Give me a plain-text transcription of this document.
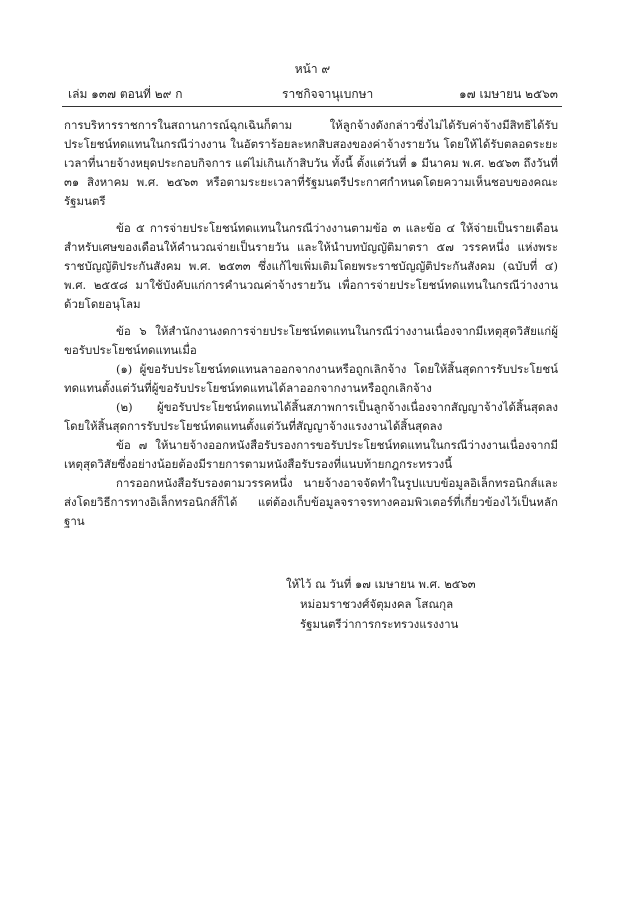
หน้า ๙
เล่ม ๑๓๗ ตอนที่ ๒๙ ก	ราชกิจจานุเบกษา	๑๗ เมษายน ๒๕๖๓

การบริหารราชการในสถานการณ์ฉุกเฉินก็ตาม ให้ลูกจ้างดังกล่าวซึ่งไม่ได้รับค่าจ้างมีสิทธิได้รับประโยชน์ทดแทนในกรณีว่างงาน ในอัตราร้อยละหกสิบสองของค่าจ้างรายวัน โดยให้ได้รับตลอดระยะเวลาที่นายจ้างหยุดประกอบกิจการ แต่ไม่เกินเก้าสิบวัน ทั้งนี้ ตั้งแต่วันที่ ๑ มีนาคม พ.ศ. ๒๕๖๓ ถึงวันที่ ๓๑ สิงหาคม พ.ศ. ๒๕๖๓ หรือตามระยะเวลาที่รัฐมนตรีประกาศกำหนดโดยความเห็นชอบของคณะรัฐมนตรี

ข้อ ๕ การจ่ายประโยชน์ทดแทนในกรณีว่างงานตามข้อ ๓ และข้อ ๔ ให้จ่ายเป็นรายเดือน สำหรับเศษของเดือนให้คำนวณจ่ายเป็นรายวัน และให้นำบทบัญญัติมาตรา ๕๗ วรรคหนึ่ง แห่งพระราชบัญญัติประกันสังคม พ.ศ. ๒๕๓๓ ซึ่งแก้ไขเพิ่มเติมโดยพระราชบัญญัติประกันสังคม (ฉบับที่ ๔) พ.ศ. ๒๕๕๘ มาใช้บังคับแก่การคำนวณค่าจ้างรายวัน เพื่อการจ่ายประโยชน์ทดแทนในกรณีว่างงานด้วยโดยอนุโลม

ข้อ ๖ ให้สำนักงานงดการจ่ายประโยชน์ทดแทนในกรณีว่างงานเนื่องจากมีเหตุสุดวิสัยแก่ผู้ขอรับประโยชน์ทดแทนเมื่อ

(๑) ผู้ขอรับประโยชน์ทดแทนลาออกจากงานหรือถูกเลิกจ้าง โดยให้สิ้นสุดการรับประโยชน์ทดแทนตั้งแต่วันที่ผู้ขอรับประโยชน์ทดแทนได้ลาออกจากงานหรือถูกเลิกจ้าง

(๒) ผู้ขอรับประโยชน์ทดแทนได้สิ้นสภาพการเป็นลูกจ้างเนื่องจากสัญญาจ้างได้สิ้นสุดลง โดยให้สิ้นสุดการรับประโยชน์ทดแทนตั้งแต่วันที่สัญญาจ้างแรงงานได้สิ้นสุดลง

ข้อ ๗ ให้นายจ้างออกหนังสือรับรองการขอรับประโยชน์ทดแทนในกรณีว่างงานเนื่องจากมีเหตุสุดวิสัยซึ่งอย่างน้อยต้องมีรายการตามหนังสือรับรองที่แนบท้ายกฎกระทรวงนี้

การออกหนังสือรับรองตามวรรคหนึ่ง นายจ้างอาจจัดทำในรูปแบบข้อมูลอิเล็กทรอนิกส์และส่งโดยวิธีการทางอิเล็กทรอนิกส์ก็ได้ แต่ต้องเก็บข้อมูลจราจรทางคอมพิวเตอร์ที่เกี่ยวข้องไว้เป็นหลักฐาน

ให้ไว้ ณ วันที่ ๑๗ เมษายน พ.ศ. ๒๕๖๓
หม่อมราชวงศ์จัตุมงคล โสณกุล
รัฐมนตรีว่าการกระทรวงแรงงาน
